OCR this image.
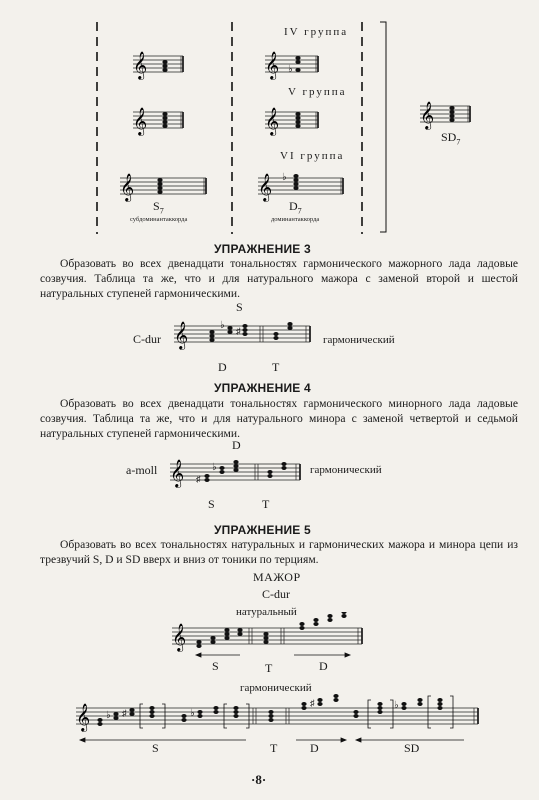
𝄞	𝄞 ♭
𝄞	𝄞	𝄞
𝄞	𝄞 ♭
IV группа
V группа
VI группа
$S_7$
субдоминантаккорда
$D_7$
доминантаккорда
$SD_7$
УПРАЖНЕНИЕ 3
Образовать во всех двенадцати тональностях гармонического мажорного лада ладовые созвучия. Таблица та же, что и для натурального мажора с заменой второй и шестой натуральных ступеней гармоническими.
𝄞	♭ ♯
S
C-dur	гармонический
D	T
УПРАЖНЕНИЕ 4
Образовать во всех двенадцати тональностях гармонического минорного лада ладовые созвучия. Таблица та же, что и для натурального минора с заменой четвертой и седьмой натуральных ступеней гармоническими.
𝄞 ♯
♭
D
a-moll	гармонический
S	T
УПРАЖНЕНИЕ 5
Образовать во всех тональностях натуральных и гармонических мажора и минора цепи из трезвучий S, D и SD вверх и вниз от тоники по терциям.
МАЖОР
C-dur
натуральный
𝄞
𝄞 ♭ ♯	♭
♯	♭
S	T	D
гармонический
S	T	D	SD
·8·
